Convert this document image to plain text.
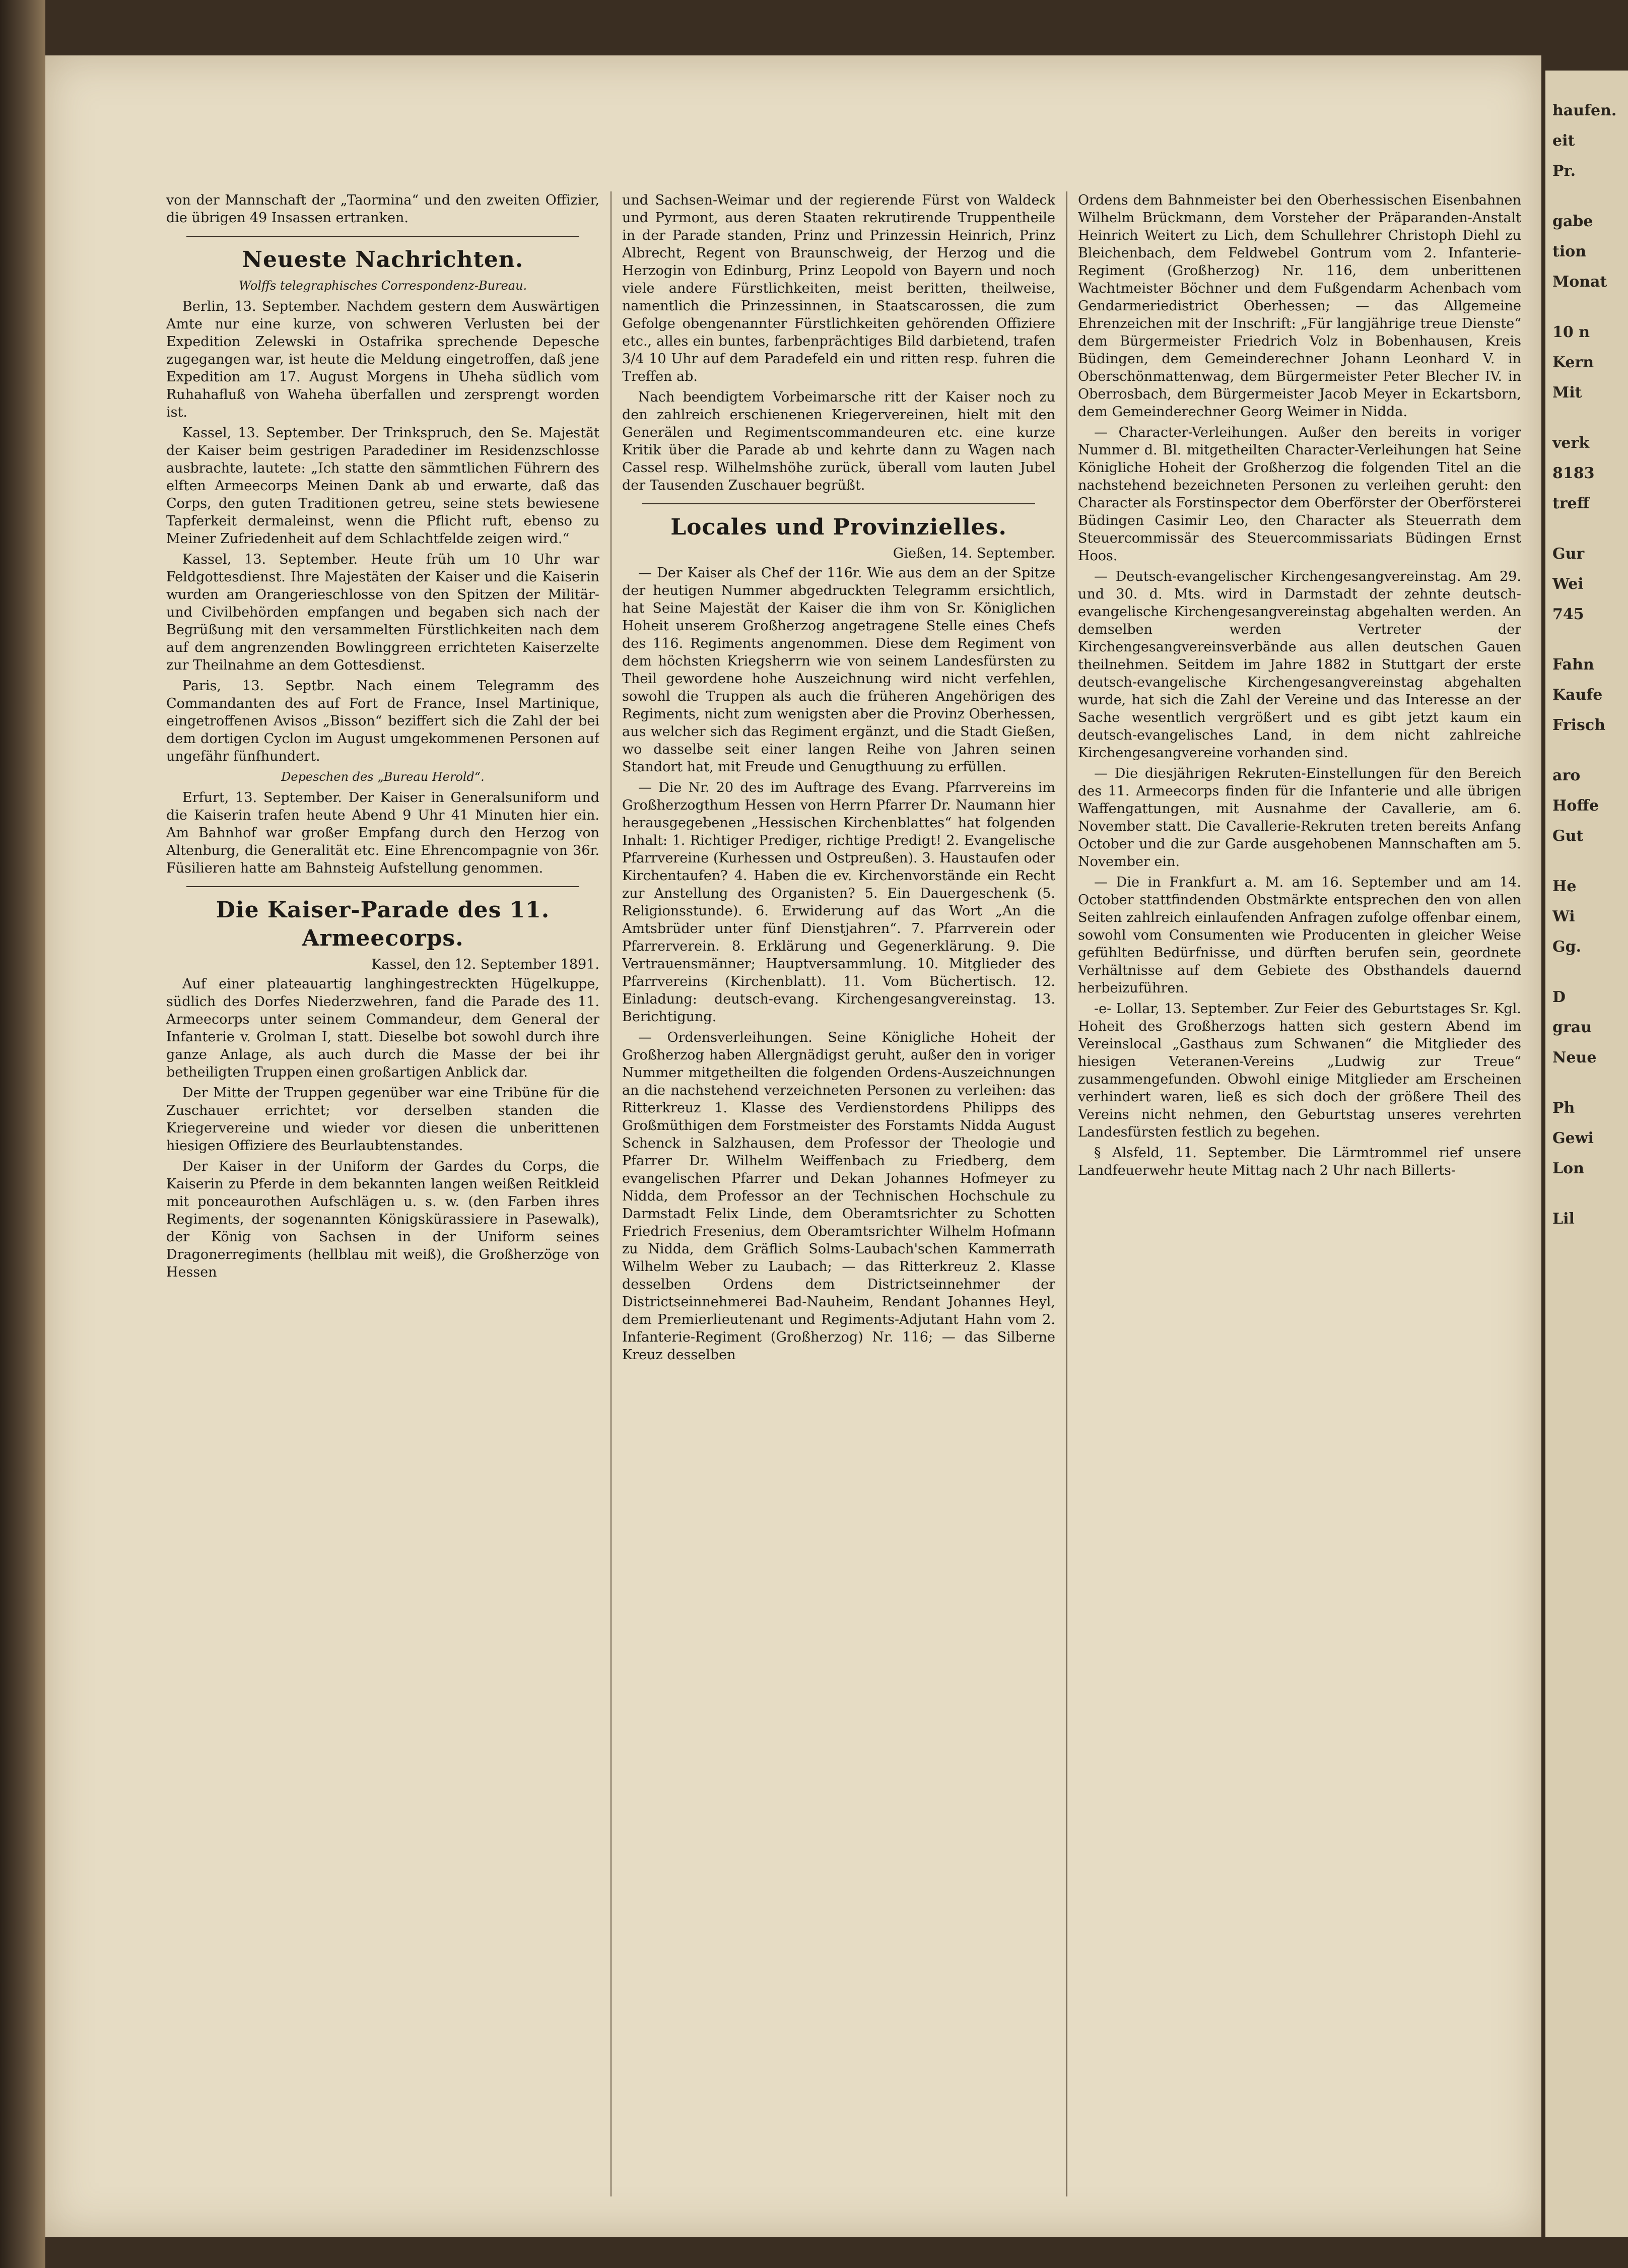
haufen.
eit
Pr.
gabe
tion
Monat
10 n
Kern
Mit
verk
8183
treff
Gur
Wei
745
Fahn
Kaufe
Frisch
aro
Hoffe
Gut
He
Wi
Gg.
D
grau
Neue
Ph
Gewi
Lon
Lil

von der Mannschaft der „Taormina“ und den zweiten Offizier, die übrigen 49 Insassen ertranken.

Neueste Nachrichten.
Wolffs telegraphisches Correspondenz-Bureau.

Berlin, 13. September. Nachdem gestern dem Auswärtigen Amte nur eine kurze, von schweren Verlusten bei der Expedition Zelewski in Ostafrika sprechende Depesche zugegangen war, ist heute die Meldung eingetroffen, daß jene Expedition am 17. August Morgens in Uheha südlich vom Ruhahafluß von Waheha überfallen und zersprengt worden ist.

Kassel, 13. September. Der Trinkspruch, den Se. Majestät der Kaiser beim gestrigen Paradediner im Residenzschlosse ausbrachte, lautete: „Ich statte den sämmtlichen Führern des elften Armeecorps Meinen Dank ab und erwarte, daß das Corps, den guten Traditionen getreu, seine stets bewiesene Tapferkeit dermaleinst, wenn die Pflicht ruft, ebenso zu Meiner Zufriedenheit auf dem Schlachtfelde zeigen wird.“

Kassel, 13. September. Heute früh um 10 Uhr war Feldgottesdienst. Ihre Majestäten der Kaiser und die Kaiserin wurden am Orangerieschlosse von den Spitzen der Militär- und Civilbehörden empfangen und begaben sich nach der Begrüßung mit den versammelten Fürstlichkeiten nach dem auf dem angrenzenden Bowlinggreen errichteten Kaiserzelte zur Theilnahme an dem Gottesdienst.

Paris, 13. Septbr. Nach einem Telegramm des Commandanten des auf Fort de France, Insel Martinique, eingetroffenen Avisos „Bisson“ beziffert sich die Zahl der bei dem dortigen Cyclon im August umgekommenen Personen auf ungefähr fünfhundert.

Depeschen des „Bureau Herold“.

Erfurt, 13. September. Der Kaiser in Generalsuniform und die Kaiserin trafen heute Abend 9 Uhr 41 Minuten hier ein. Am Bahnhof war großer Empfang durch den Herzog von Altenburg, die Generalität etc. Eine Ehrencompagnie von 36r. Füsilieren hatte am Bahnsteig Aufstellung genommen.

Die Kaiser-Parade des 11. Armeecorps.
Kassel, den 12. September 1891.

Auf einer plateauartig langhingestreckten Hügelkuppe, südlich des Dorfes Niederzwehren, fand die Parade des 11. Armeecorps unter seinem Commandeur, dem General der Infanterie v. Grolman I, statt. Dieselbe bot sowohl durch ihre ganze Anlage, als auch durch die Masse der bei ihr betheiligten Truppen einen großartigen Anblick dar.

Der Mitte der Truppen gegenüber war eine Tribüne für die Zuschauer errichtet; vor derselben standen die Kriegervereine und wieder vor diesen die unberittenen hiesigen Offiziere des Beurlaubtenstandes.

Der Kaiser in der Uniform der Gardes du Corps, die Kaiserin zu Pferde in dem bekannten langen weißen Reitkleid mit ponceaurothen Aufschlägen u. s. w. (den Farben ihres Regiments, der sogenannten Königskürassiere in Pasewalk), der König von Sachsen in der Uniform seines Dragonerregiments (hellblau mit weiß), die Großherzöge von Hessen

und Sachsen-Weimar und der regierende Fürst von Waldeck und Pyrmont, aus deren Staaten rekrutirende Truppentheile in der Parade standen, Prinz und Prinzessin Heinrich, Prinz Albrecht, Regent von Braunschweig, der Herzog und die Herzogin von Edinburg, Prinz Leopold von Bayern und noch viele andere Fürstlichkeiten, meist beritten, theilweise, namentlich die Prinzessinnen, in Staatscarossen, die zum Gefolge obengenannter Fürstlichkeiten gehörenden Offiziere etc., alles ein buntes, farbenprächtiges Bild darbietend, trafen 3/4 10 Uhr auf dem Paradefeld ein und ritten resp. fuhren die Treffen ab.

Nach beendigtem Vorbeimarsche ritt der Kaiser noch zu den zahlreich erschienenen Kriegervereinen, hielt mit den Generälen und Regimentscommandeuren etc. eine kurze Kritik über die Parade ab und kehrte dann zu Wagen nach Cassel resp. Wilhelmshöhe zurück, überall vom lauten Jubel der Tausenden Zuschauer begrüßt.

Locales und Provinzielles.
Gießen, 14. September.

— Der Kaiser als Chef der 116r. Wie aus dem an der Spitze der heutigen Nummer abgedruckten Telegramm ersichtlich, hat Seine Majestät der Kaiser die ihm von Sr. Königlichen Hoheit unserem Großherzog angetragene Stelle eines Chefs des 116. Regiments angenommen. Diese dem Regiment von dem höchsten Kriegsherrn wie von seinem Landesfürsten zu Theil gewordene hohe Auszeichnung wird nicht verfehlen, sowohl die Truppen als auch die früheren Angehörigen des Regiments, nicht zum wenigsten aber die Provinz Oberhessen, aus welcher sich das Regiment ergänzt, und die Stadt Gießen, wo dasselbe seit einer langen Reihe von Jahren seinen Standort hat, mit Freude und Genugthuung zu erfüllen.

— Die Nr. 20 des im Auftrage des Evang. Pfarrvereins im Großherzogthum Hessen von Herrn Pfarrer Dr. Naumann hier herausgegebenen „Hessischen Kirchenblattes“ hat folgenden Inhalt: 1. Richtiger Prediger, richtige Predigt! 2. Evangelische Pfarrvereine (Kurhessen und Ostpreußen). 3. Haustaufen oder Kirchentaufen? 4. Haben die ev. Kirchenvorstände ein Recht zur Anstellung des Organisten? 5. Ein Dauergeschenk (5. Religionsstunde). 6. Erwiderung auf das Wort „An die Amtsbrüder unter fünf Dienstjahren“. 7. Pfarrverein oder Pfarrerverein. 8. Erklärung und Gegenerklärung. 9. Die Vertrauensmänner; Hauptversammlung. 10. Mitglieder des Pfarrvereins (Kirchenblatt). 11. Vom Büchertisch. 12. Einladung: deutsch-evang. Kirchengesangvereinstag. 13. Berichtigung.

— Ordensverleihungen. Seine Königliche Hoheit der Großherzog haben Allergnädigst geruht, außer den in voriger Nummer mitgetheilten die folgenden Ordens-Auszeichnungen an die nachstehend verzeichneten Personen zu verleihen: das Ritterkreuz 1. Klasse des Verdienstordens Philipps des Großmüthigen dem Forstmeister des Forstamts Nidda August Schenck in Salzhausen, dem Professor der Theologie und Pfarrer Dr. Wilhelm Weiffenbach zu Friedberg, dem evangelischen Pfarrer und Dekan Johannes Hofmeyer zu Nidda, dem Professor an der Technischen Hochschule zu Darmstadt Felix Linde, dem Oberamtsrichter zu Schotten Friedrich Fresenius, dem Oberamtsrichter Wilhelm Hofmann zu Nidda, dem Gräflich Solms-Laubach'schen Kammerrath Wilhelm Weber zu Laubach; — das Ritterkreuz 2. Klasse desselben Ordens dem Districtseinnehmer der Districtseinnehmerei Bad-Nauheim, Rendant Johannes Heyl, dem Premierlieutenant und Regiments-Adjutant Hahn vom 2. Infanterie-Regiment (Großherzog) Nr. 116; — das Silberne Kreuz desselben

Ordens dem Bahnmeister bei den Oberhessischen Eisenbahnen Wilhelm Brückmann, dem Vorsteher der Präparanden-Anstalt Heinrich Weitert zu Lich, dem Schullehrer Christoph Diehl zu Bleichenbach, dem Feldwebel Gontrum vom 2. Infanterie-Regiment (Großherzog) Nr. 116, dem unberittenen Wachtmeister Böchner und dem Fußgendarm Achenbach vom Gendarmeriedistrict Oberhessen; — das Allgemeine Ehrenzeichen mit der Inschrift: „Für langjährige treue Dienste“ dem Bürgermeister Friedrich Volz in Bobenhausen, Kreis Büdingen, dem Gemeinderechner Johann Leonhard V. in Oberschönmattenwag, dem Bürgermeister Peter Blecher IV. in Oberrosbach, dem Bürgermeister Jacob Meyer in Eckartsborn, dem Gemeinderechner Georg Weimer in Nidda.

— Character-Verleihungen. Außer den bereits in voriger Nummer d. Bl. mitgetheilten Character-Verleihungen hat Seine Königliche Hoheit der Großherzog die folgenden Titel an die nachstehend bezeichneten Personen zu verleihen geruht: den Character als Forstinspector dem Oberförster der Oberförsterei Büdingen Casimir Leo, den Character als Steuerrath dem Steuercommissär des Steuercommissariats Büdingen Ernst Hoos.

— Deutsch-evangelischer Kirchengesangvereinstag. Am 29. und 30. d. Mts. wird in Darmstadt der zehnte deutsch-evangelische Kirchengesangvereinstag abgehalten werden. An demselben werden Vertreter der Kirchengesangvereinsverbände aus allen deutschen Gauen theilnehmen. Seitdem im Jahre 1882 in Stuttgart der erste deutsch-evangelische Kirchengesangvereinstag abgehalten wurde, hat sich die Zahl der Vereine und das Interesse an der Sache wesentlich vergrößert und es gibt jetzt kaum ein deutsch-evangelisches Land, in dem nicht zahlreiche Kirchengesangvereine vorhanden sind.

— Die diesjährigen Rekruten-Einstellungen für den Bereich des 11. Armeecorps finden für die Infanterie und alle übrigen Waffengattungen, mit Ausnahme der Cavallerie, am 6. November statt. Die Cavallerie-Rekruten treten bereits Anfang October und die zur Garde ausgehobenen Mannschaften am 5. November ein.

— Die in Frankfurt a. M. am 16. September und am 14. October stattfindenden Obstmärkte entsprechen den von allen Seiten zahlreich einlaufenden Anfragen zufolge offenbar einem, sowohl vom Consumenten wie Producenten in gleicher Weise gefühlten Bedürfnisse, und dürften berufen sein, geordnete Verhältnisse auf dem Gebiete des Obsthandels dauernd herbeizuführen.

-e- Lollar, 13. September. Zur Feier des Geburtstages Sr. Kgl. Hoheit des Großherzogs hatten sich gestern Abend im Vereinslocal „Gasthaus zum Schwanen“ die Mitglieder des hiesigen Veteranen-Vereins „Ludwig zur Treue“ zusammengefunden. Obwohl einige Mitglieder am Erscheinen verhindert waren, ließ es sich doch der größere Theil des Vereins nicht nehmen, den Geburtstag unseres verehrten Landesfürsten festlich zu begehen.

§ Alsfeld, 11. September. Die Lärmtrommel rief unsere Landfeuerwehr heute Mittag nach 2 Uhr nach Billerts-
